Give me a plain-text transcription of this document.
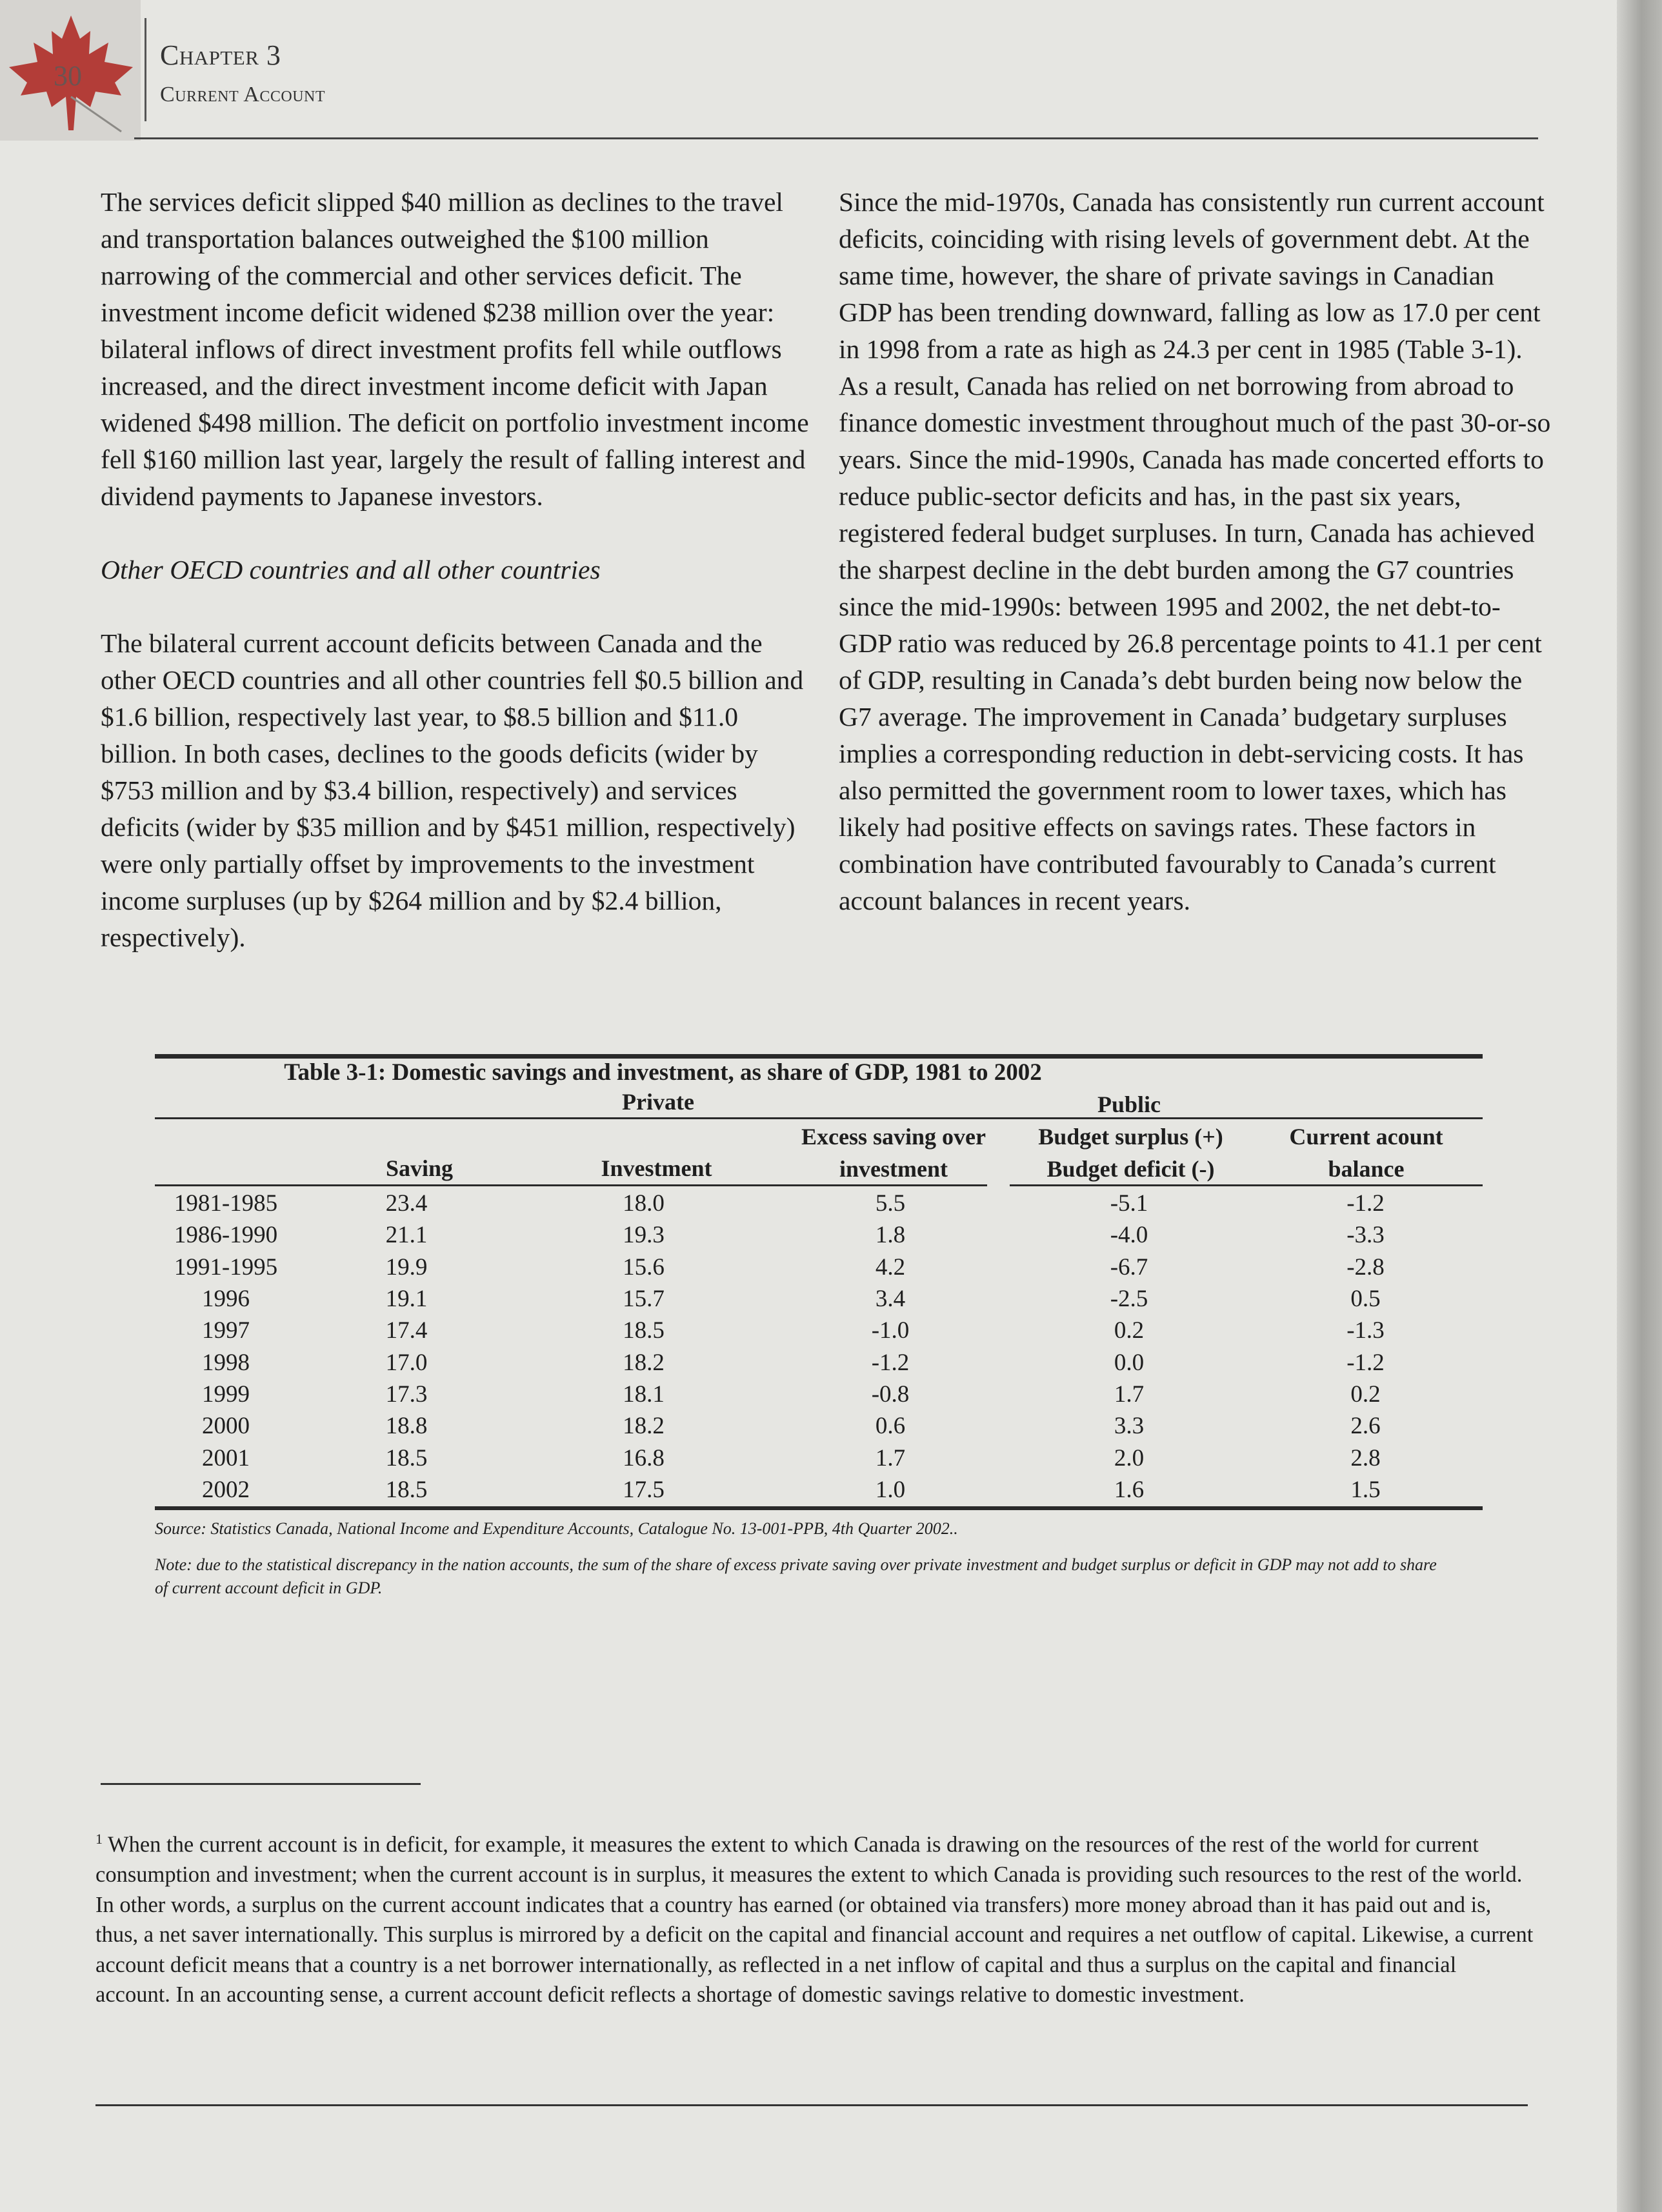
30
Chapter 3
Current Account

The services deficit slipped $40 million as declines to the travel and transportation balances outweighed the $100 million narrowing of the commercial and other services deficit. The investment income deficit widened $238 million over the year: bilateral inflows of direct investment profits fell while outflows increased, and the direct investment income deficit with Japan widened $498 million. The deficit on portfolio investment income fell $160 million last year, largely the result of falling interest and dividend payments to Japanese investors.

Other OECD countries and all other countries

The bilateral current account deficits between Canada and the other OECD countries and all other countries fell $0.5 billion and $1.6 billion, respectively last year, to $8.5 billion and $11.0 billion. In both cases, declines to the goods deficits (wider by $753 million and by $3.4 billion, respectively) and services deficits (wider by $35 million and by $451 million, respectively) were only partially offset by improvements to the investment income surpluses (up by $264 million and by $2.4 billion, respectively).

Since the mid-1970s, Canada has consistently run current account deficits, coinciding with rising levels of government debt. At the same time, however, the share of private savings in Canadian GDP has been trending downward, falling as low as 17.0 per cent in 1998 from a rate as high as 24.3 per cent in 1985 (Table 3-1). As a result, Canada has relied on net borrowing from abroad to finance domestic investment throughout much of the past 30-or-so years. Since the mid-1990s, Canada has made concerted efforts to reduce public-sector deficits and has, in the past six years, registered federal budget surpluses. In turn, Canada has achieved the sharpest decline in the debt burden among the G7 countries since the mid-1990s: between 1995 and 2002, the net debt-to-GDP ratio was reduced by 26.8 percentage points to 41.1 per cent of GDP, resulting in Canada’s debt burden being now below the G7 average. The improvement in Canada’ budgetary surpluses implies a corresponding reduction in debt-servicing costs. It has also permitted the government room to lower taxes, which has likely had positive effects on savings rates. These factors in combination have contributed favourably to Canada’s current account balances in recent years.

Table 3-1: Domestic savings and investment, as share of GDP, 1981 to 2002
Private	Public
Saving	Investment
Excess saving over
investment
Budget surplus (+)
Budget deficit (-)
Current acount
balance
1981-1985	23.4	18.0	5.5	-5.1	-1.2
1986-1990	21.1	19.3	1.8	-4.0	-3.3
1991-1995	19.9	15.6	4.2	-6.7	-2.8
1996	19.1	15.7	3.4	-2.5	0.5
1997	17.4	18.5	-1.0	0.2	-1.3
1998	17.0	18.2	-1.2	0.0	-1.2
1999	17.3	18.1	-0.8	1.7	0.2
2000	18.8	18.2	0.6	3.3	2.6
2001	18.5	16.8	1.7	2.0	2.8
2002	18.5	17.5	1.0	1.6	1.5
Source: Statistics Canada, National Income and Expenditure Accounts, Catalogue No. 13-001-PPB, 4th Quarter 2002..
Note: due to the statistical discrepancy in the nation accounts, the sum of the share of excess private saving over private investment and budget surplus or deficit in GDP may not add to share of current account deficit in GDP.
$^1$ When the current account is in deficit, for example, it measures the extent to which Canada is drawing on the resources of the rest of the world for current consumption and investment; when the current account is in surplus, it measures the extent to which Canada is providing such resources to the rest of the world. In other words, a surplus on the current account indicates that a country has earned (or obtained via transfers) more money abroad than it has paid out and is, thus, a net saver internationally. This surplus is mirrored by a deficit on the capital and financial account and requires a net outflow of capital. Likewise, a current account deficit means that a country is a net borrower internationally, as reflected in a net inflow of capital and thus a surplus on the capital and financial account. In an accounting sense, a current account deficit reflects a shortage of domestic savings relative to domestic investment.
